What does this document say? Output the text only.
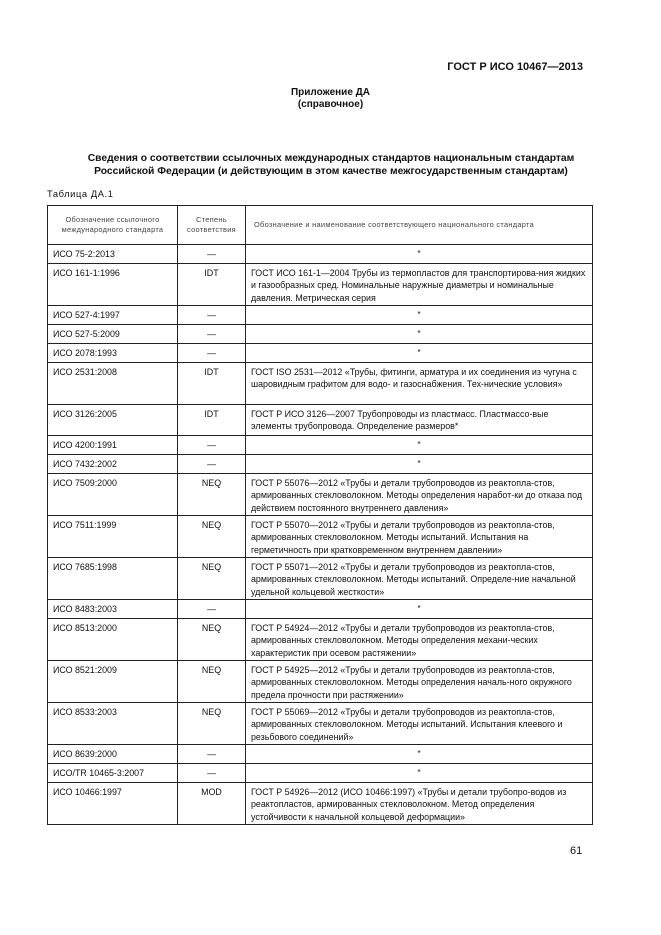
ГОСТ Р ИСО 10467—2013
Приложение ДА
(справочное)
Сведения о соответствии ссылочных международных стандартов национальным стандартам
Российской Федерации (и действующим в этом качестве межгосударственным стандартам)
Таблица ДА.1
Обозначение ссылочного международного стандарта	Степень соответствия	Обозначение и наименование соответствующего национального стандарта
ИСО 75-2:2013	—	*
ИСО 161-1:1996	IDT	ГОСТ ИСО 161-1—2004 Трубы из термопластов для транспортирова-ния жидких и газообразных сред. Номинальные наружные диаметры и номинальные давления. Метрическая серия
ИСО 527-4:1997	—	*
ИСО 527-5:2009	—	*
ИСО 2078:1993	—	*
ИСО 2531:2008	IDT	ГОСТ ISO 2531—2012 «Трубы, фитинги, арматура и их соединения из чугуна с шаровидным графитом для водо- и газоснабжения. Тех-нические условия»
ИСО 3126:2005	IDT	ГОСТ Р ИСО 3126—2007 Трубопроводы из пластмасс. Пластмассо-вые элементы трубопровода. Определение размеров*
ИСО 4200:1991	—	*
ИСО 7432:2002	—	*
ИСО 7509:2000	NEQ	ГОСТ Р 55076—2012 «Трубы и детали трубопроводов из реактопла-стов, армированных стекловолокном. Методы определения наработ-ки до отказа под действием постоянного внутреннего давления»
ИСО 7511:1999	NEQ	ГОСТ Р 55070—2012 «Трубы и детали трубопроводов из реактопла-стов, армированных стекловолокном. Методы испытаний. Испытания на герметичность при кратковременном внутреннем давлении»
ИСО 7685:1998	NEQ	ГОСТ Р 55071—2012 «Трубы и детали трубопроводов из реактопла-стов, армированных стекловолокном. Методы испытаний. Определе-ние начальной удельной кольцевой жесткости»
ИСО 8483:2003	—	*
ИСО 8513:2000	NEQ	ГОСТ Р 54924—2012 «Трубы и детали трубопроводов из реактопла-стов, армированных стекловолокном. Методы определения механи-ческих характеристик при осевом растяжении»
ИСО 8521:2009	NEQ	ГОСТ Р 54925—2012 «Трубы и детали трубопроводов из реактопла-стов, армированных стекловолокном. Методы определения началь-ного окружного предела прочности при растяжении»
ИСО 8533:2003	NEQ	ГОСТ Р 55069—2012 «Трубы и детали трубопроводов из реактопла-стов, армированных стекловолокном. Методы испытаний. Испытания клеевого и резьбового соединений»
ИСО 8639:2000	—	*
ИСО/TR 10465-3:2007	—	*
ИСО 10466:1997	MOD	ГОСТ Р 54926—2012 (ИСО 10466:1997) «Трубы и детали трубопро-водов из реактопластов, армированных стекловолокном. Метод определения устойчивости к начальной кольцевой деформации»
61
